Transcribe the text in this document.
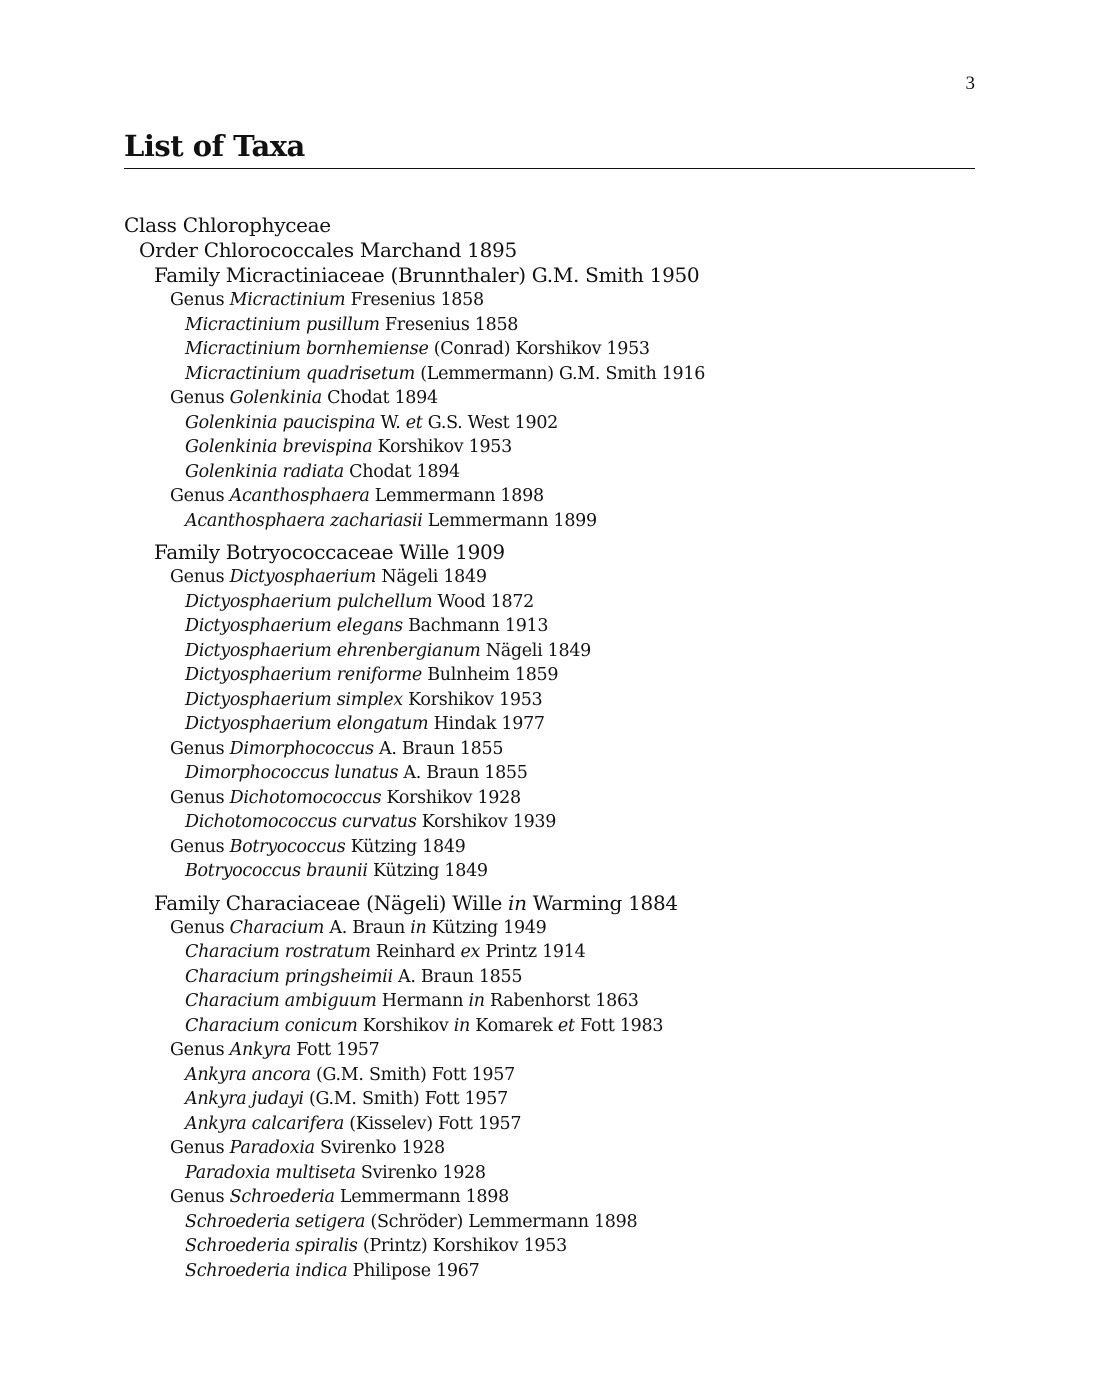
3
List of Taxa
Class Chlorophyceae
Order Chlorococcales Marchand 1895
Family Micractiniaceae (Brunnthaler) G.M. Smith 1950
Genus Micractinium Fresenius 1858
Micractinium pusillum Fresenius 1858
Micractinium bornhemiense (Conrad) Korshikov 1953
Micractinium quadrisetum (Lemmermann) G.M. Smith 1916
Genus Golenkinia Chodat 1894
Golenkinia paucispina W. et G.S. West 1902
Golenkinia brevispina Korshikov 1953
Golenkinia radiata Chodat 1894
Genus Acanthosphaera Lemmermann 1898
Acanthosphaera zachariasii Lemmermann 1899
Family Botryococcaceae Wille 1909
Genus Dictyosphaerium Nägeli 1849
Dictyosphaerium pulchellum Wood 1872
Dictyosphaerium elegans Bachmann 1913
Dictyosphaerium ehrenbergianum Nägeli 1849
Dictyosphaerium reniforme Bulnheim 1859
Dictyosphaerium simplex Korshikov 1953
Dictyosphaerium elongatum Hindak 1977
Genus Dimorphococcus A. Braun 1855
Dimorphococcus lunatus A. Braun 1855
Genus Dichotomococcus Korshikov 1928
Dichotomococcus curvatus Korshikov 1939
Genus Botryococcus Kützing 1849
Botryococcus braunii Kützing 1849
Family Characiaceae (Nägeli) Wille in Warming 1884
Genus Characium A. Braun in Kützing 1949
Characium rostratum Reinhard ex Printz 1914
Characium pringsheimii A. Braun 1855
Characium ambiguum Hermann in Rabenhorst 1863
Characium conicum Korshikov in Komarek et Fott 1983
Genus Ankyra Fott 1957
Ankyra ancora (G.M. Smith) Fott 1957
Ankyra judayi (G.M. Smith) Fott 1957
Ankyra calcarifera (Kisselev) Fott 1957
Genus Paradoxia Svirenko 1928
Paradoxia multiseta Svirenko 1928
Genus Schroederia Lemmermann 1898
Schroederia setigera (Schröder) Lemmermann 1898
Schroederia spiralis (Printz) Korshikov 1953
Schroederia indica Philipose 1967
